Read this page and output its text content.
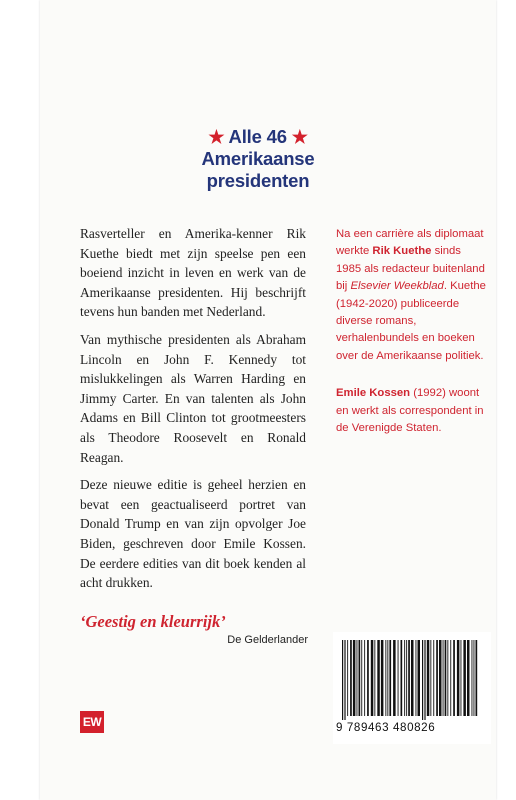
★ Alle 46 ★
Amerikaanse
presidenten

Rasverteller en Amerika-kenner Rik Kuethe biedt met zijn speelse pen een boeiend inzicht in leven en werk van de Amerikaanse presidenten. Hij beschrijft tevens hun banden met Nederland.

Van mythische presidenten als Abraham Lincoln en John F. Kennedy tot mislukkelingen als Warren Harding en Jimmy Carter. En van talenten als John Adams en Bill Clinton tot grootmeesters als Theodore Roosevelt en Ronald Reagan.

Deze nieuwe editie is geheel herzien en bevat een geactualiseerd portret van Donald Trump en van zijn opvolger Joe Biden, geschreven door Emile Kossen. De eerdere edities van dit boek kenden al acht drukken.

Na een carrière als diplomaat werkte Rik Kuethe sinds 1985 als redacteur buitenland bij Elsevier Weekblad. Kuethe (1942-2020) publiceerde diverse romans, verhalenbundels en boeken over de Amerikaanse politiek.

Emile Kossen (1992) woont en werkt als correspondent in de Verenigde Staten.

‘Geestig en kleurrijk’
De Gelderlander
EW	9 789463 480826
